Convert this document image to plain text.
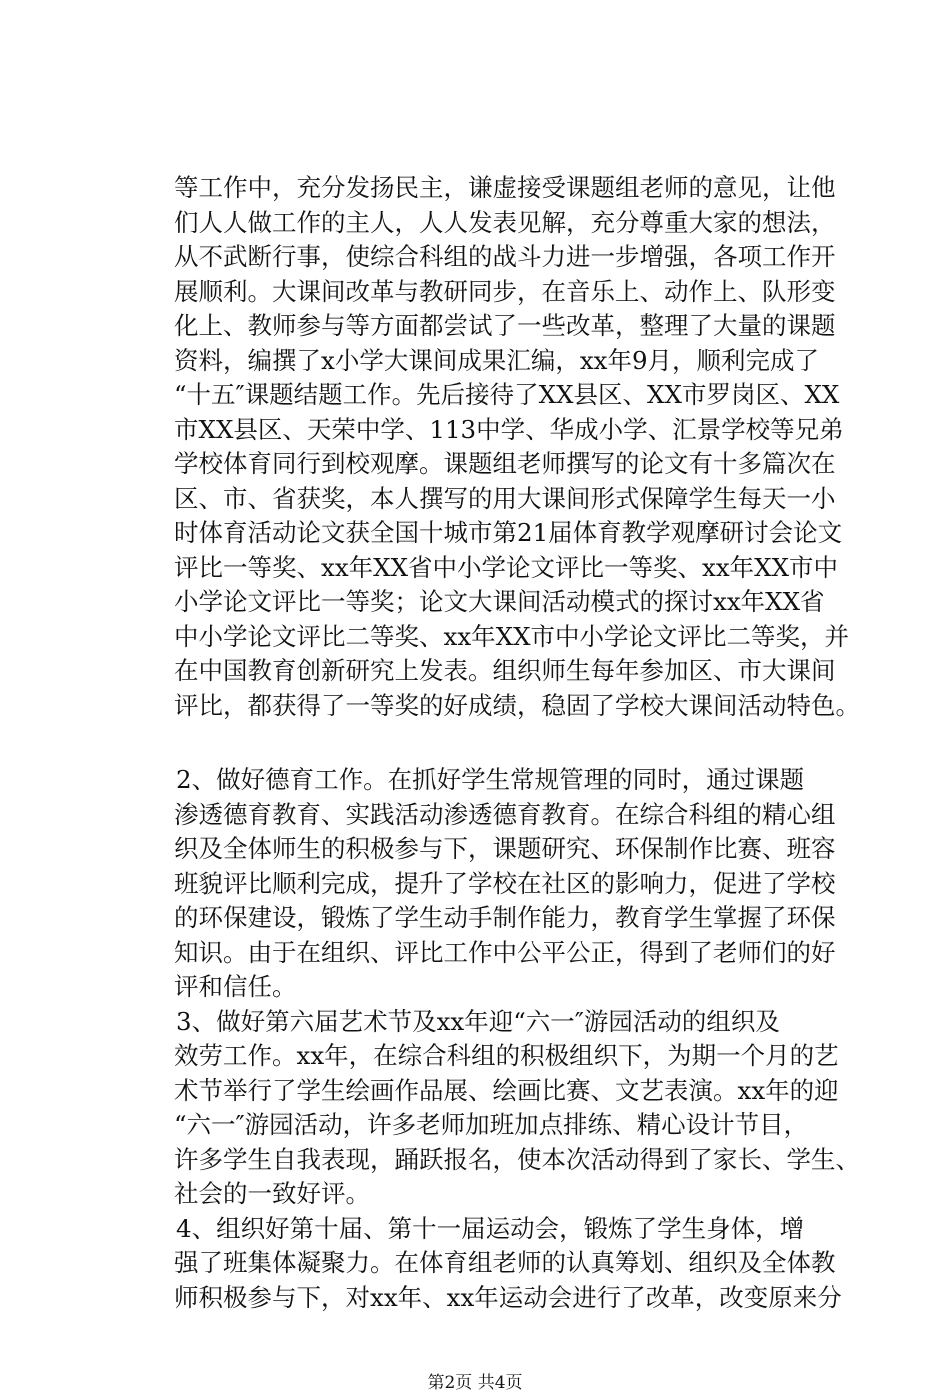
等工作中，充分发扬民主，谦虚接受课题组老师的意见，让他
们人人做工作的主人，人人发表见解，充分尊重大家的想法，
从不武断行事，使综合科组的战斗力进一步增强，各项工作开
展顺利。大课间改革与教研同步，在音乐上、动作上、队形变
化上、教师参与等方面都尝试了一些改革，整理了大量的课题
资料，编撰了x小学大课间成果汇编，xx年9月，顺利完成了
“十五″课题结题工作。先后接待了XX县区、XX市罗岗区、XX
市XX县区、天荣中学、113中学、华成小学、汇景学校等兄弟
学校体育同行到校观摩。课题组老师撰写的论文有十多篇次在
区、市、省获奖，本人撰写的用大课间形式保障学生每天一小
时体育活动论文获全国十城市第21届体育教学观摩研讨会论文
评比一等奖、xx年XX省中小学论文评比一等奖、xx年XX市中
小学论文评比一等奖；论文大课间活动模式的探讨xx年XX省
中小学论文评比二等奖、xx年XX市中小学论文评比二等奖，并
在中国教育创新研究上发表。组织师生每年参加区、市大课间
评比，都获得了一等奖的好成绩，稳固了学校大课间活动特色。
2、做好德育工作。在抓好学生常规管理的同时，通过课题
渗透德育教育、实践活动渗透德育教育。在综合科组的精心组
织及全体师生的积极参与下，课题研究、环保制作比赛、班容
班貌评比顺利完成，提升了学校在社区的影响力，促进了学校
的环保建设，锻炼了学生动手制作能力，教育学生掌握了环保
知识。由于在组织、评比工作中公平公正，得到了老师们的好
评和信任。
3、做好第六届艺术节及xx年迎“六一″游园活动的组织及
效劳工作。xx年，在综合科组的积极组织下，为期一个月的艺
术节举行了学生绘画作品展、绘画比赛、文艺表演。xx年的迎
“六一″游园活动，许多老师加班加点排练、精心设计节目，
许多学生自我表现，踊跃报名，使本次活动得到了家长、学生、
社会的一致好评。
4、组织好第十届、第十一届运动会，锻炼了学生身体，增
强了班集体凝聚力。在体育组老师的认真筹划、组织及全体教
师积极参与下，对xx年、xx年运动会进行了改革，改变原来分
第2页 共4页
